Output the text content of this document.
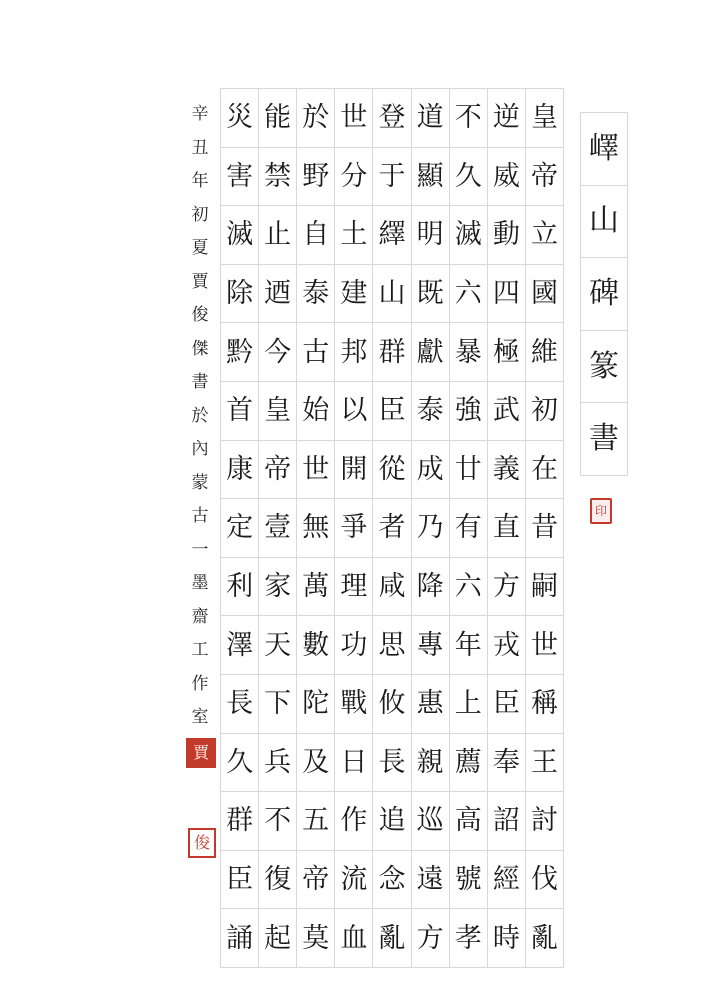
嶧
山
碑
篆
書
印
皇
帝
立
國
維
初
在
昔
嗣
世
稱
王
討
伐
亂
逆
威
動
四
極
武
義
直
方
戎
臣
奉
詔
經
時
不
久
滅
六
暴
強
廿
有
六
年
上
薦
高
號
孝
道
顯
明
既
獻
泰
成
乃
降
專
惠
親
巡
遠
方
登
于
繹
山
群
臣
從
者
咸
思
攸
長
追
念
亂
世
分
土
建
邦
以
開
爭
理
功
戰
日
作
流
血
於
野
自
泰
古
始
世
無
萬
數
陀
及
五
帝
莫
能
禁
止
迺
今
皇
帝
壹
家
天
下
兵
不
復
起
災
害
滅
除
黔
首
康
定
利
澤
長
久
群
臣
誦
辛
丑
年
初
夏
賈
俊
傑
書
於
內
蒙
古
一
墨
齋
工
作
室
賈
俊
